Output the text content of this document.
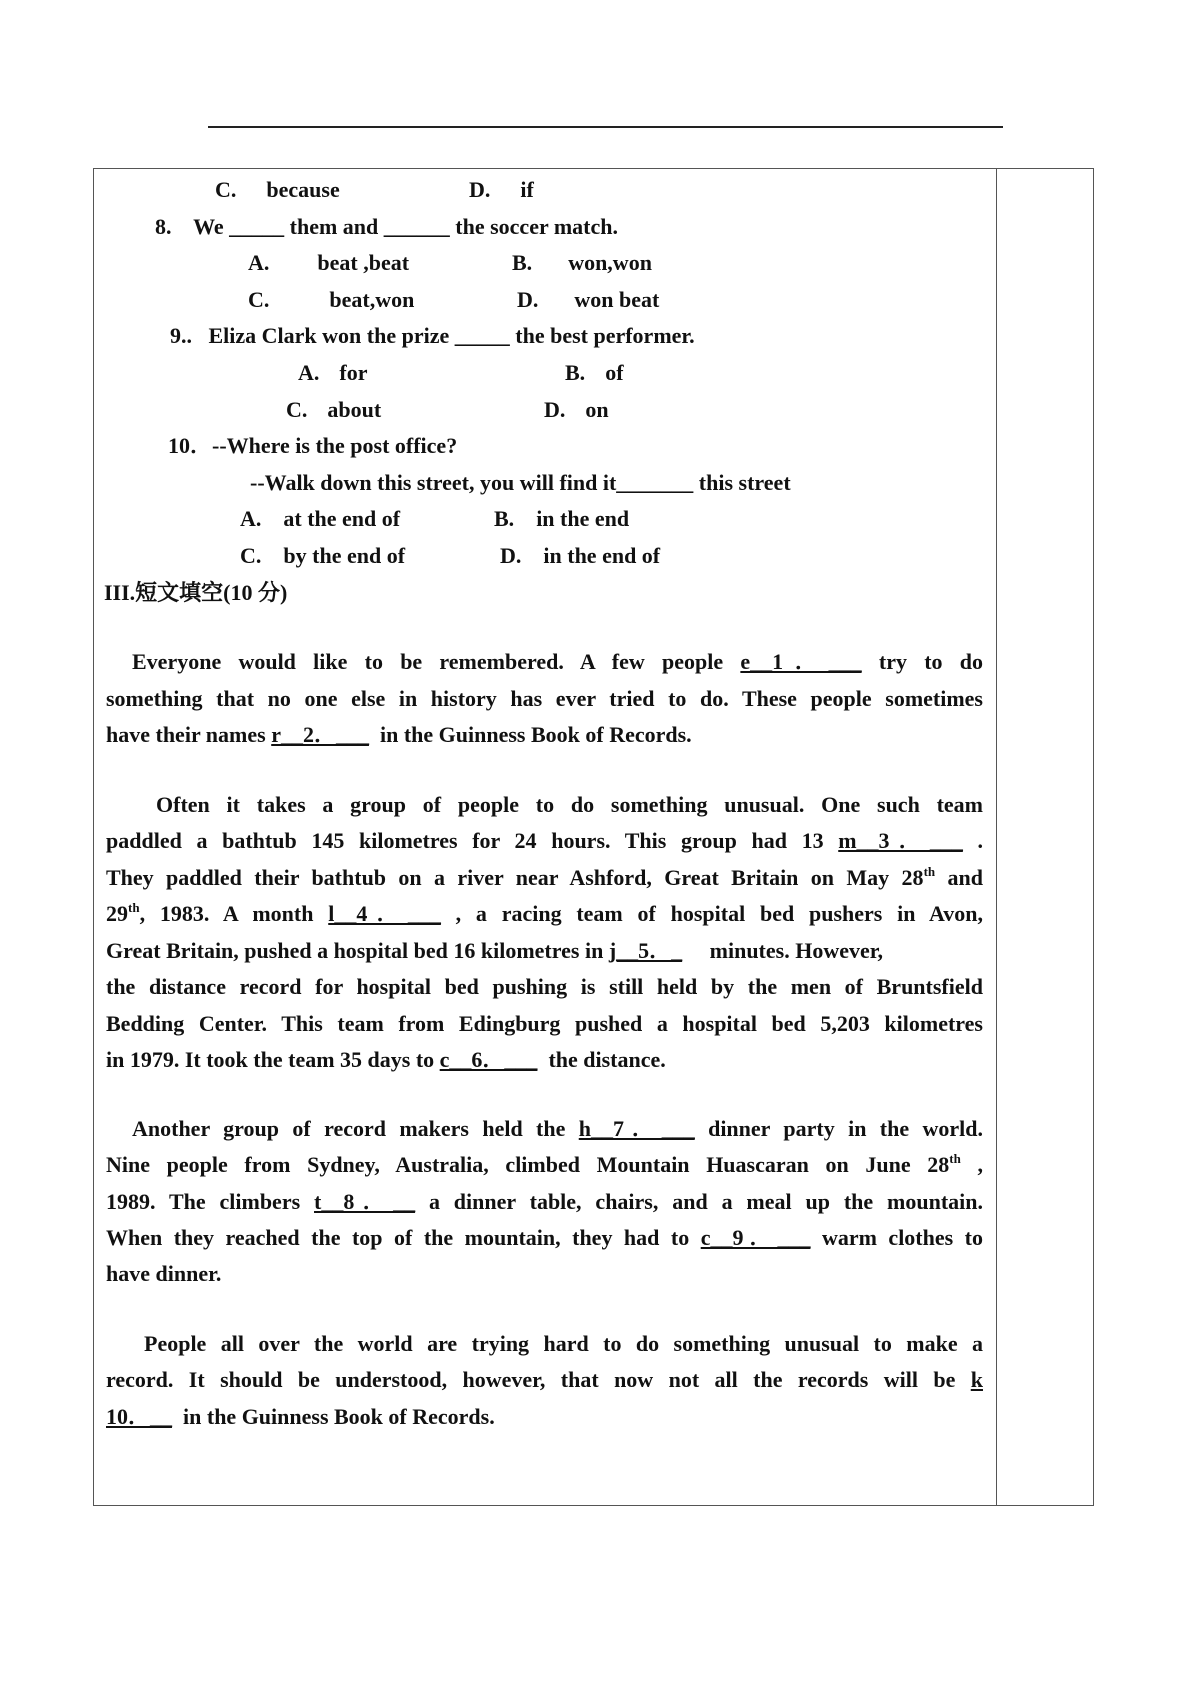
C. because	D. if
8.    We _____ them and ______ the soccer match.
A. beat ,beat	B. won,won
C.	beat,won	D. won beat
9..   Eliza Clark won the prize _____ the best performer.
A. for	B. of
C. about	D. on
10．--Where is the post office?
--Walk down this street, you will find it_______ this street
A. at the end of	B. in the end
C. by the end of	D. in the end of
III.短文填空(10 分)
Everyone would like to be remembered. A few people e__1．___ try to do
something that no one else in history has ever tried to do. These people sometimes
have their names r__2．___  in the Guinness Book of Records.
Often it takes a group of people to do something unusual. One such team
paddled a bathtub 145 kilometres for 24 hours. This group had 13 m__3．___ .
They paddled their bathtub on a river near Ashford, Great Britain on May 28th and
29th, 1983. A month l__4．___ , a racing team of hospital bed pushers in Avon,
Great Britain, pushed a hospital bed 16 kilometres in j__5．_     minutes. However,
the distance record for hospital bed pushing is still held by the men of Bruntsfield
Bedding Center. This team from Edingburg pushed a hospital bed 5,203 kilometres
in 1979. It took the team 35 days to c__6．___  the distance.
Another group of record makers held the h__7．___ dinner party in the world.
Nine people from Sydney, Australia, climbed Mountain Huascaran on June 28th ,
1989. The climbers t__8．__ a dinner table, chairs, and a meal up the mountain.
When they reached the top of the mountain, they had to c__9．___ warm clothes to
have dinner.
People all over the world are trying hard to do something unusual to make a
record. It should be understood, however, that now not all the records will be k
10．__  in the Guinness Book of Records.
